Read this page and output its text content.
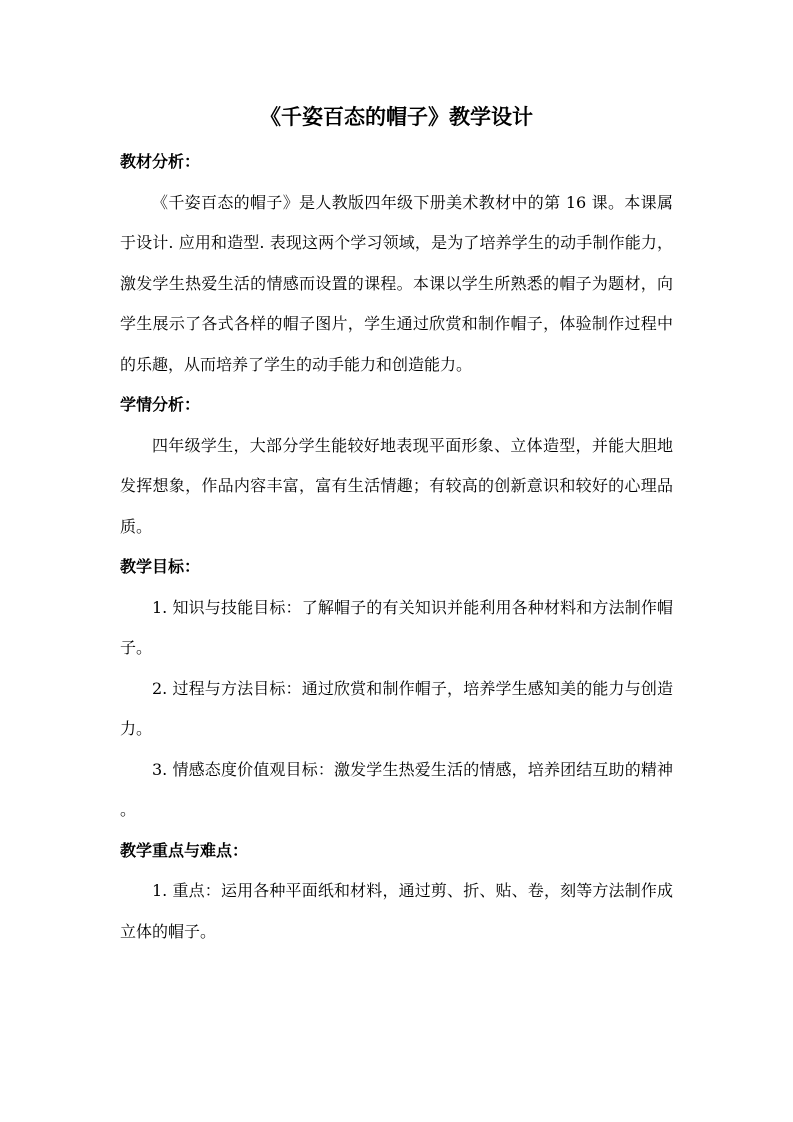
《千姿百态的帽子》教学设计

教材分析：

《千姿百态的帽子》是人教版四年级下册美术教材中的第 16 课。本课属于设计. 应用和造型. 表现这两个学习领域，是为了培养学生的动手制作能力，激发学生热爱生活的情感而设置的课程。本课以学生所熟悉的帽子为题材，向学生展示了各式各样的帽子图片，学生通过欣赏和制作帽子，体验制作过程中的乐趣，从而培养了学生的动手能力和创造能力。

学情分析：

四年级学生，大部分学生能较好地表现平面形象、立体造型，并能大胆地发挥想象，作品内容丰富，富有生活情趣；有较高的创新意识和较好的心理品质。

教学目标：

1. 知识与技能目标：了解帽子的有关知识并能利用各种材料和方法制作帽子。

2. 过程与方法目标：通过欣赏和制作帽子，培养学生感知美的能力与创造力。

3. 情感态度价值观目标：激发学生热爱生活的情感，培养团结互助的精神 。

教学重点与难点：

1. 重点：运用各种平面纸和材料，通过剪、折、贴、卷，刻等方法制作成立体的帽子。
